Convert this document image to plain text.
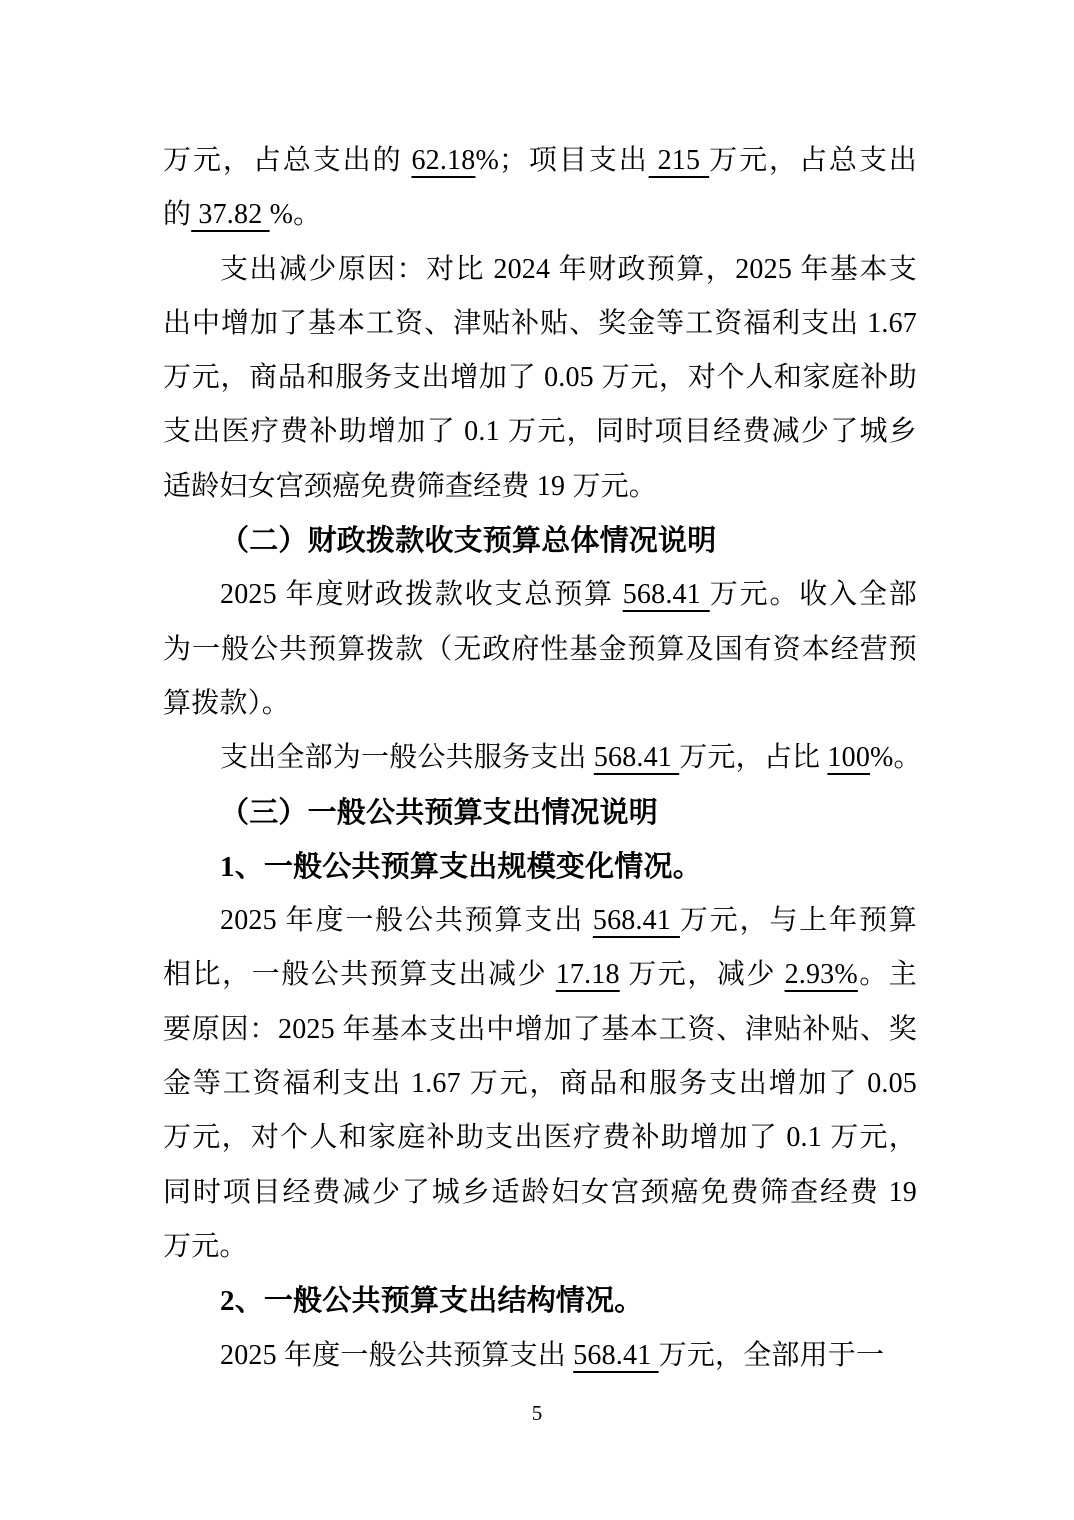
万元，占总支出的 62.18%；项目支出 215 万元，占总支出
的 37.82 %。
支出减少原因：对比 2024 年财政预算，2025 年基本支
出中增加了基本工资、津贴补贴、奖金等工资福利支出 1.67
万元，商品和服务支出增加了 0.05 万元，对个人和家庭补助
支出医疗费补助增加了 0.1 万元，同时项目经费减少了城乡
适龄妇女宫颈癌免费筛查经费 19 万元。
（二）财政拨款收支预算总体情况说明
2025 年度财政拨款收支总预算 568.41 万元。收入全部
为一般公共预算拨款（无政府性基金预算及国有资本经营预
算拨款）。
支出全部为一般公共服务支出 568.41 万元，占比 100%。
（三）一般公共预算支出情况说明
1、一般公共预算支出规模变化情况。
2025 年度一般公共预算支出 568.41 万元，与上年预算
相比，一般公共预算支出减少 17.18 万元，减少 2.93%。主
要原因：2025 年基本支出中增加了基本工资、津贴补贴、奖
金等工资福利支出 1.67 万元，商品和服务支出增加了 0.05
万元，对个人和家庭补助支出医疗费补助增加了 0.1 万元，
同时项目经费减少了城乡适龄妇女宫颈癌免费筛查经费 19
万元。
2、一般公共预算支出结构情况。
2025 年度一般公共预算支出 568.41 万元，全部用于一
5
